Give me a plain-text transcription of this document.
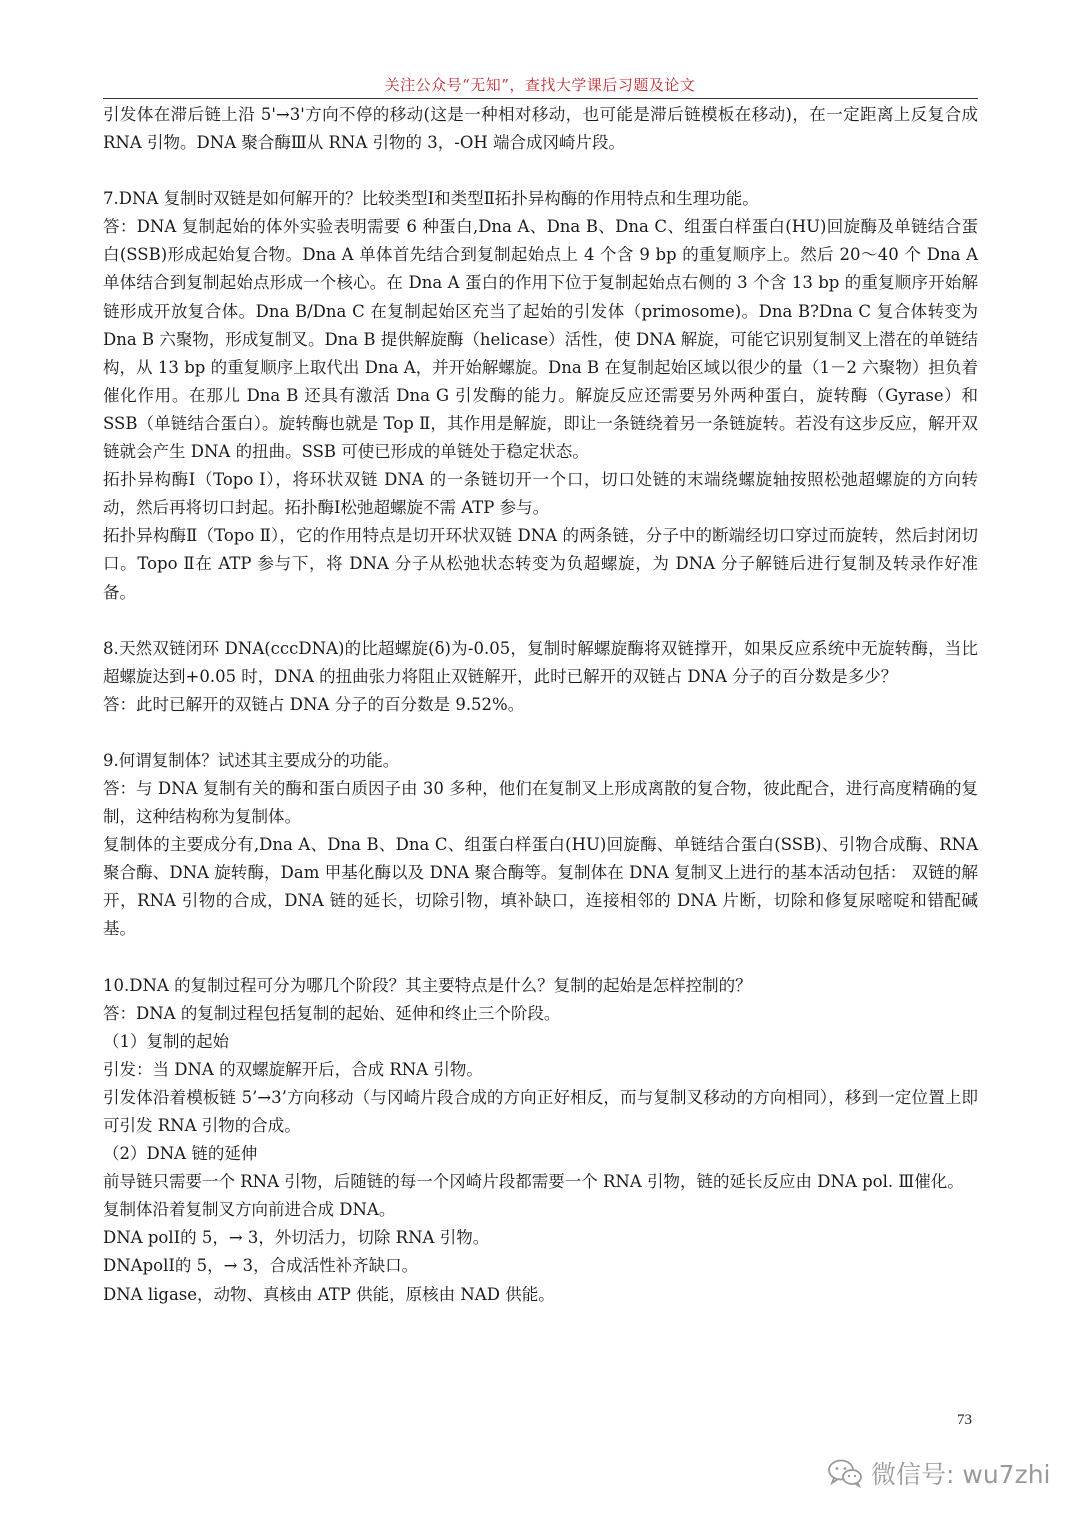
关注公众号“无知”，查找大学课后习题及论文

引发体在滞后链上沿 5'→3'方向不停的移动(这是一种相对移动，也可能是滞后链模板在移动)，在一定距离上反复合成 RNA 引物。DNA 聚合酶Ⅲ从 RNA 引物的 3，-OH 端合成冈崎片段。

7.DNA 复制时双链是如何解开的？比较类型Ⅰ和类型Ⅱ拓扑异构酶的作用特点和生理功能。

答：DNA 复制起始的体外实验表明需要 6 种蛋白,Dna A、Dna B、Dna C、组蛋白样蛋白(HU)回旋酶及单链结合蛋白(SSB)形成起始复合物。Dna A 单体首先结合到复制起始点上 4 个含 9 bp 的重复顺序上。然后 20～40 个 Dna A 单体结合到复制起始点形成一个核心。在 Dna A 蛋白的作用下位于复制起始点右侧的 3 个含 13 bp 的重复顺序开始解链形成开放复合体。Dna B/Dna C 在复制起始区充当了起始的引发体（primosome)。Dna B?Dna C 复合体转变为 Dna B 六聚物，形成复制叉。Dna B 提供解旋酶（helicase）活性，使 DNA 解旋，可能它识别复制叉上潜在的单链结构，从 13 bp 的重复顺序上取代出 Dna A，并开始解螺旋。Dna B 在复制起始区域以很少的量（1－2 六聚物）担负着催化作用。在那儿 Dna B 还具有激活 Dna G 引发酶的能力。解旋反应还需要另外两种蛋白，旋转酶（Gyrase）和 SSB（单链结合蛋白）。旋转酶也就是 Top Ⅱ，其作用是解旋，即让一条链绕着另一条链旋转。若没有这步反应，解开双链就会产生 DNA 的扭曲。SSB 可使已形成的单链处于稳定状态。

拓扑异构酶Ⅰ（Topo Ⅰ），将环状双链 DNA 的一条链切开一个口，切口处链的末端绕螺旋轴按照松弛超螺旋的方向转动，然后再将切口封起。拓扑酶Ⅰ松弛超螺旋不需 ATP 参与。

拓扑异构酶Ⅱ（Topo Ⅱ），它的作用特点是切开环状双链 DNA 的两条链，分子中的断端经切口穿过而旋转，然后封闭切口。Topo Ⅱ在 ATP 参与下，将 DNA 分子从松弛状态转变为负超螺旋，为 DNA 分子解链后进行复制及转录作好准备。

8.天然双链闭环 DNA(cccDNA)的比超螺旋(δ)为-0.05，复制时解螺旋酶将双链撑开，如果反应系统中无旋转酶，当比超螺旋达到+0.05 时，DNA 的扭曲张力将阻止双链解开，此时已解开的双链占 DNA 分子的百分数是多少？

答：此时已解开的双链占 DNA 分子的百分数是 9.52%。

9.何谓复制体？试述其主要成分的功能。

答：与 DNA 复制有关的酶和蛋白质因子由 30 多种，他们在复制叉上形成离散的复合物，彼此配合，进行高度精确的复制，这种结构称为复制体。

复制体的主要成分有,Dna A、Dna B、Dna C、组蛋白样蛋白(HU)回旋酶、单链结合蛋白(SSB)、引物合成酶、RNA 聚合酶、DNA 旋转酶，Dam 甲基化酶以及 DNA 聚合酶等。复制体在 DNA 复制叉上进行的基本活动包括： 双链的解开，RNA 引物的合成，DNA 链的延长，切除引物，填补缺口，连接相邻的 DNA 片断，切除和修复尿嘧啶和错配碱基。

10.DNA 的复制过程可分为哪几个阶段？其主要特点是什么？复制的起始是怎样控制的？

答：DNA 的复制过程包括复制的起始、延伸和终止三个阶段。

（1）复制的起始

引发：当 DNA 的双螺旋解开后，合成 RNA 引物。

引发体沿着模板链 5’→3’方向移动（与冈崎片段合成的方向正好相反，而与复制叉移动的方向相同），移到一定位置上即可引发 RNA 引物的合成。

（2）DNA 链的延伸

前导链只需要一个 RNA 引物，后随链的每一个冈崎片段都需要一个 RNA 引物，链的延长反应由 DNA pol. Ⅲ催化。

复制体沿着复制叉方向前进合成 DNA。

DNA polⅠ的 5，→ 3，外切活力，切除 RNA 引物。

DNApolⅠ的 5，→ 3，合成活性补齐缺口。

DNA ligase，动物、真核由 ATP 供能，原核由 NAD 供能。

73
微信号: wu7zhi
